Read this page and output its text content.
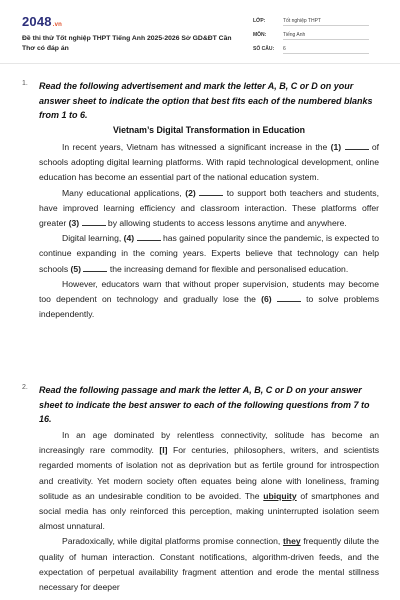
2048.vn
Đề thi thử Tốt nghiệp THPT Tiếng Anh 2025-2026 Sở GD&ĐT Cần Thơ có đáp án
LỚP:	Tốt nghiệp THPT
MÔN:	Tiếng Anh
SỐ CÂU: 6
1. Read the following advertisement and mark the letter A, B, C or D on your answer sheet to indicate the option that best fits each of the numbered blanks from 1 to 6.
Vietnam’s Digital Transformation in Education

In recent years, Vietnam has witnessed a significant increase in the (1)	of schools adopting digital learning platforms. With rapid technological development, online education has become an essential part of the national education system.

Many educational applications, (2)	to support both teachers and students, have improved learning efficiency and classroom interaction. These platforms offer greater (3)	by allowing students to access lessons anytime and anywhere.

Digital learning, (4)	has gained popularity since the pandemic, is expected to continue expanding in the coming years. Experts believe that technology can help schools (5)	the increasing demand for flexible and personalised education.

However, educators warn that without proper supervision, students may become too dependent on technology and gradually lose the (6)	to solve problems independently.

2. Read the following passage and mark the letter A, B, C or D on your answer sheet to indicate the best answer to each of the following questions from 7 to 16.

In an age dominated by relentless connectivity, solitude has become an increasingly rare commodity. [I] For centuries, philosophers, writers, and scientists regarded moments of isolation not as deprivation but as fertile ground for introspection and creativity. Yet modern society often equates being alone with loneliness, framing solitude as an undesirable condition to be avoided. The ubiquity of smartphones and social media has only reinforced this perception, making uninterrupted isolation seem almost unnatural.

Paradoxically, while digital platforms promise connection, they frequently dilute the quality of human interaction. Constant notifications, algorithm-driven feeds, and the expectation of perpetual availability fragment attention and erode the mental stillness necessary for deeper
